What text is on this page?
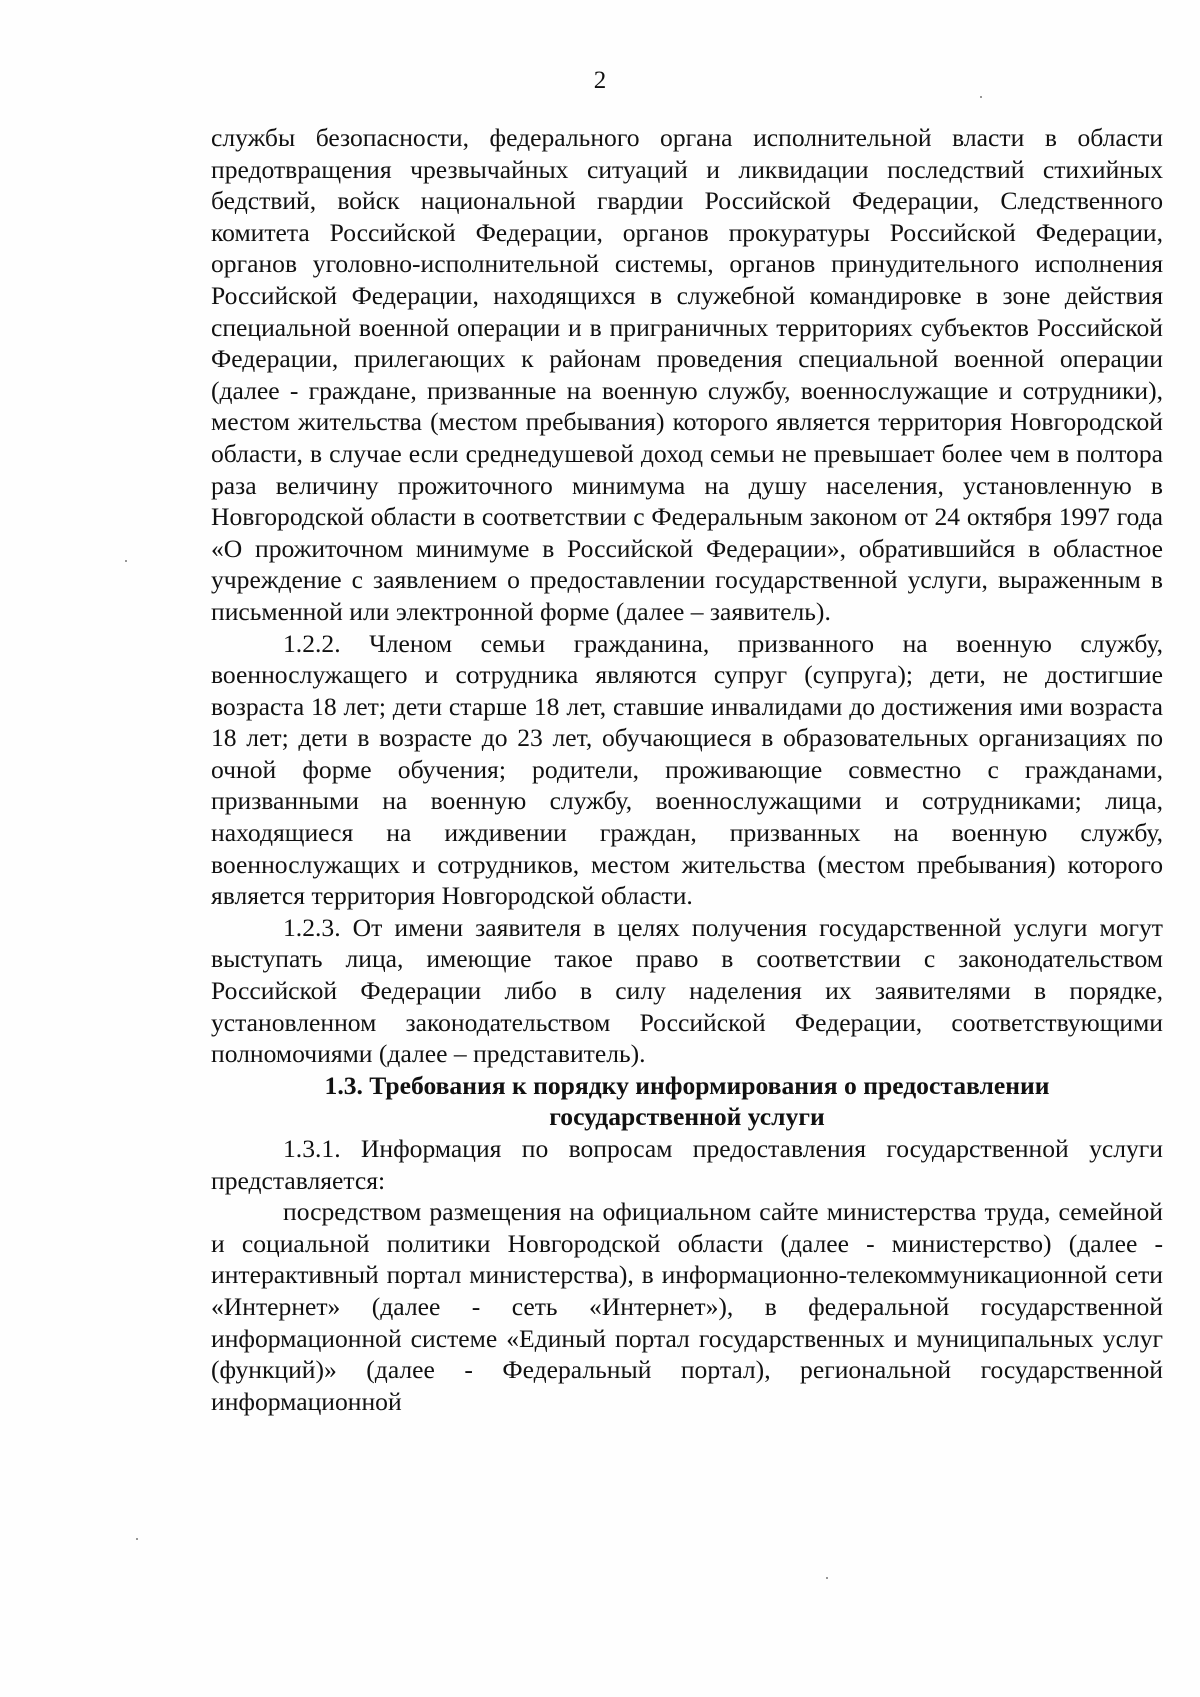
2

службы безопасности, федерального органа исполнительной власти в области предотвращения чрезвычайных ситуаций и ликвидации последствий стихийных бедствий, войск национальной гвардии Российской Федерации, Следственного комитета Российской Федерации, органов прокуратуры Российской Федерации, органов уголовно-исполнительной системы, органов принудительного исполнения Российской Федерации, находящихся в служебной командировке в зоне действия специальной военной операции и в приграничных территориях субъектов Российской Федерации, прилегающих к районам проведения специальной военной операции (далее - граждане, призванные на военную службу, военнослужащие и сотрудники), местом жительства (местом пребывания) которого является территория Новгородской области, в случае если среднедушевой доход семьи не превышает более чем в полтора раза величину прожиточного минимума на душу населения, установленную в Новгородской области в соответствии с Федеральным законом от 24 октября 1997 года «О прожиточном минимуме в Российской Федерации», обратившийся в областное учреждение с заявлением о предоставлении государственной услуги, выраженным в письменной или электронной форме (далее – заявитель).

1.2.2. Членом семьи гражданина, призванного на военную службу, военнослужащего и сотрудника являются супруг (супруга); дети, не достигшие возраста 18 лет; дети старше 18 лет, ставшие инвалидами до достижения ими возраста 18 лет; дети в возрасте до 23 лет, обучающиеся в образовательных организациях по очной форме обучения; родители, проживающие совместно с гражданами, призванными на военную службу, военнослужащими и сотрудниками; лица, находящиеся на иждивении граждан, призванных на военную службу, военнослужащих и сотрудников, местом жительства (местом пребывания) которого является территория Новгородской области.

1.2.3. От имени заявителя в целях получения государственной услуги могут выступать лица, имеющие такое право в соответствии с законодательством Российской Федерации либо в силу наделения их заявителями в порядке, установленном законодательством Российской Федерации, соответствующими полномочиями (далее – представитель).

1.3. Требования к порядку информирования о предоставлении

государственной услуги

1.3.1. Информация по вопросам предоставления государственной услуги представляется:

посредством размещения на официальном сайте министерства труда, семейной и социальной политики Новгородской области (далее - министерство) (далее - интерактивный портал министерства), в информационно-телекоммуникационной сети «Интернет» (далее - сеть «Интернет»), в федеральной государственной информационной системе «Единый портал государственных и муниципальных услуг (функций)» (далее - Федеральный портал), региональной государственной информационной
